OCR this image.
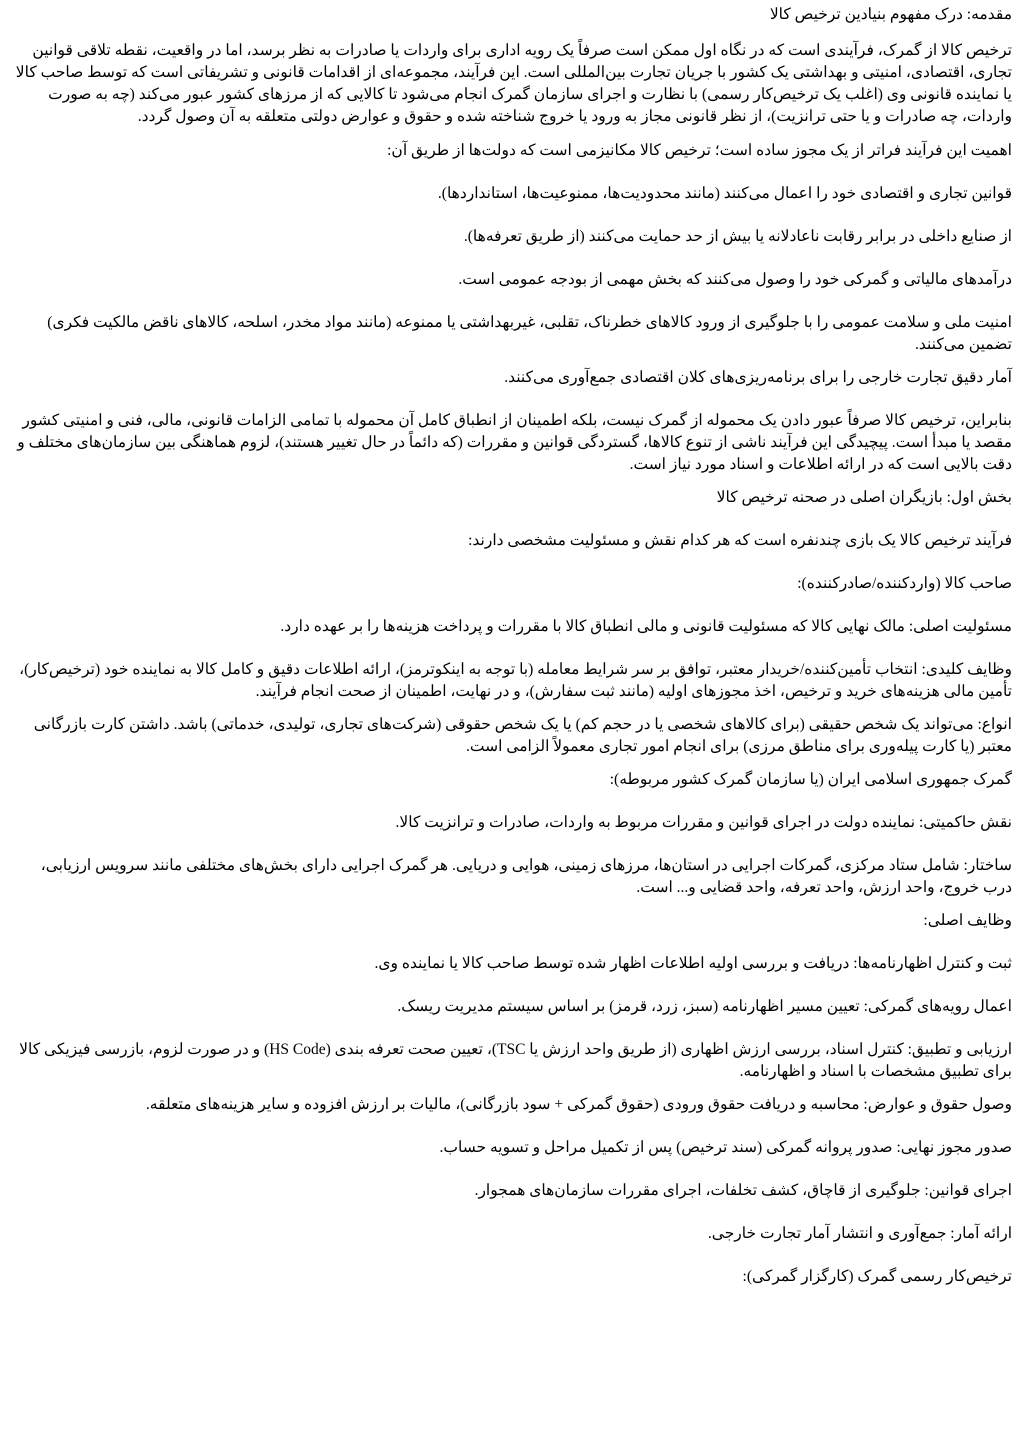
مقدمه: درک مفهوم بنیادین ترخیص کالا

ترخیص کالا از گمرک، فرآیندی است که در نگاه اول ممکن است صرفاً یک رویه اداری برای واردات یا صادرات به نظر برسد، اما در واقعیت، نقطه تلاقی قوانین تجاری، اقتصادی، امنیتی و بهداشتی یک کشور با جریان تجارت بین‌المللی است. این فرآیند، مجموعه‌ای از اقدامات قانونی و تشریفاتی است که توسط صاحب کالا یا نماینده قانونی وی (اغلب یک ترخیص‌کار رسمی) با نظارت و اجرای سازمان گمرک انجام می‌شود تا کالایی که از مرزهای کشور عبور می‌کند (چه به صورت واردات، چه صادرات و یا حتی ترانزیت)، از نظر قانونی مجاز به ورود یا خروج شناخته شده و حقوق و عوارض دولتی متعلقه به آن وصول گردد.

اهمیت این فرآیند فراتر از یک مجوز ساده است؛ ترخیص کالا مکانیزمی است که دولت‌ها از طریق آن:

قوانین تجاری و اقتصادی خود را اعمال می‌کنند (مانند محدودیت‌ها، ممنوعیت‌ها، استانداردها).

از صنایع داخلی در برابر رقابت ناعادلانه یا بیش از حد حمایت می‌کنند (از طریق تعرفه‌ها).

درآمدهای مالیاتی و گمرکی خود را وصول می‌کنند که بخش مهمی از بودجه عمومی است.

امنیت ملی و سلامت عمومی را با جلوگیری از ورود کالاهای خطرناک، تقلبی، غیربهداشتی یا ممنوعه (مانند مواد مخدر، اسلحه، کالاهای ناقض مالکیت فکری) تضمین می‌کنند.

آمار دقیق تجارت خارجی را برای برنامه‌ریزی‌های کلان اقتصادی جمع‌آوری می‌کنند.

بنابراین، ترخیص کالا صرفاً عبور دادن یک محموله از گمرک نیست، بلکه اطمینان از انطباق کامل آن محموله با تمامی الزامات قانونی، مالی، فنی و امنیتی کشور مقصد یا مبدأ است. پیچیدگی این فرآیند ناشی از تنوع کالاها، گستردگی قوانین و مقررات (که دائماً در حال تغییر هستند)، لزوم هماهنگی بین سازمان‌های مختلف و دقت بالایی است که در ارائه اطلاعات و اسناد مورد نیاز است.

بخش اول: بازیگران اصلی در صحنه ترخیص کالا

فرآیند ترخیص کالا یک بازی چندنفره است که هر کدام نقش و مسئولیت مشخصی دارند:

صاحب کالا (واردکننده/صادرکننده):

مسئولیت اصلی: مالک نهایی کالا که مسئولیت قانونی و مالی انطباق کالا با مقررات و پرداخت هزینه‌ها را بر عهده دارد.

وظایف کلیدی: انتخاب تأمین‌کننده/خریدار معتبر، توافق بر سر شرایط معامله (با توجه به اینکوترمز)، ارائه اطلاعات دقیق و کامل کالا به نماینده خود (ترخیص‌کار)، تأمین مالی هزینه‌های خرید و ترخیص، اخذ مجوزهای اولیه (مانند ثبت سفارش)، و در نهایت، اطمینان از صحت انجام فرآیند.

انواع: می‌تواند یک شخص حقیقی (برای کالاهای شخصی یا در حجم کم) یا یک شخص حقوقی (شرکت‌های تجاری، تولیدی، خدماتی) باشد. داشتن کارت بازرگانی معتبر (یا کارت پیله‌وری برای مناطق مرزی) برای انجام امور تجاری معمولاً الزامی است.

گمرک جمهوری اسلامی ایران (یا سازمان گمرک کشور مربوطه):

نقش حاکمیتی: نماینده دولت در اجرای قوانین و مقررات مربوط به واردات، صادرات و ترانزیت کالا.

ساختار: شامل ستاد مرکزی، گمرکات اجرایی در استان‌ها، مرزهای زمینی، هوایی و دریایی. هر گمرک اجرایی دارای بخش‌های مختلفی مانند سرویس ارزیابی، درب خروج، واحد ارزش، واحد تعرفه، واحد قضایی و... است.

وظایف اصلی:

ثبت و کنترل اظهارنامه‌ها: دریافت و بررسی اولیه اطلاعات اظهار شده توسط صاحب کالا یا نماینده وی.

اعمال رویه‌های گمرکی: تعیین مسیر اظهارنامه (سبز، زرد، قرمز) بر اساس سیستم مدیریت ریسک.

ارزیابی و تطبیق: کنترل اسناد، بررسی ارزش اظهاری (از طریق واحد ارزش یا TSC)، تعیین صحت تعرفه بندی (HS Code) و در صورت لزوم، بازرسی فیزیکی کالا برای تطبیق مشخصات با اسناد و اظهارنامه.

وصول حقوق و عوارض: محاسبه و دریافت حقوق ورودی (حقوق گمرکی + سود بازرگانی)، مالیات بر ارزش افزوده و سایر هزینه‌های متعلقه.

صدور مجوز نهایی: صدور پروانه گمرکی (سند ترخیص) پس از تکمیل مراحل و تسویه حساب.

اجرای قوانین: جلوگیری از قاچاق، کشف تخلفات، اجرای مقررات سازمان‌های همجوار.

ارائه آمار: جمع‌آوری و انتشار آمار تجارت خارجی.

ترخیص‌کار رسمی گمرک (کارگزار گمرکی):
